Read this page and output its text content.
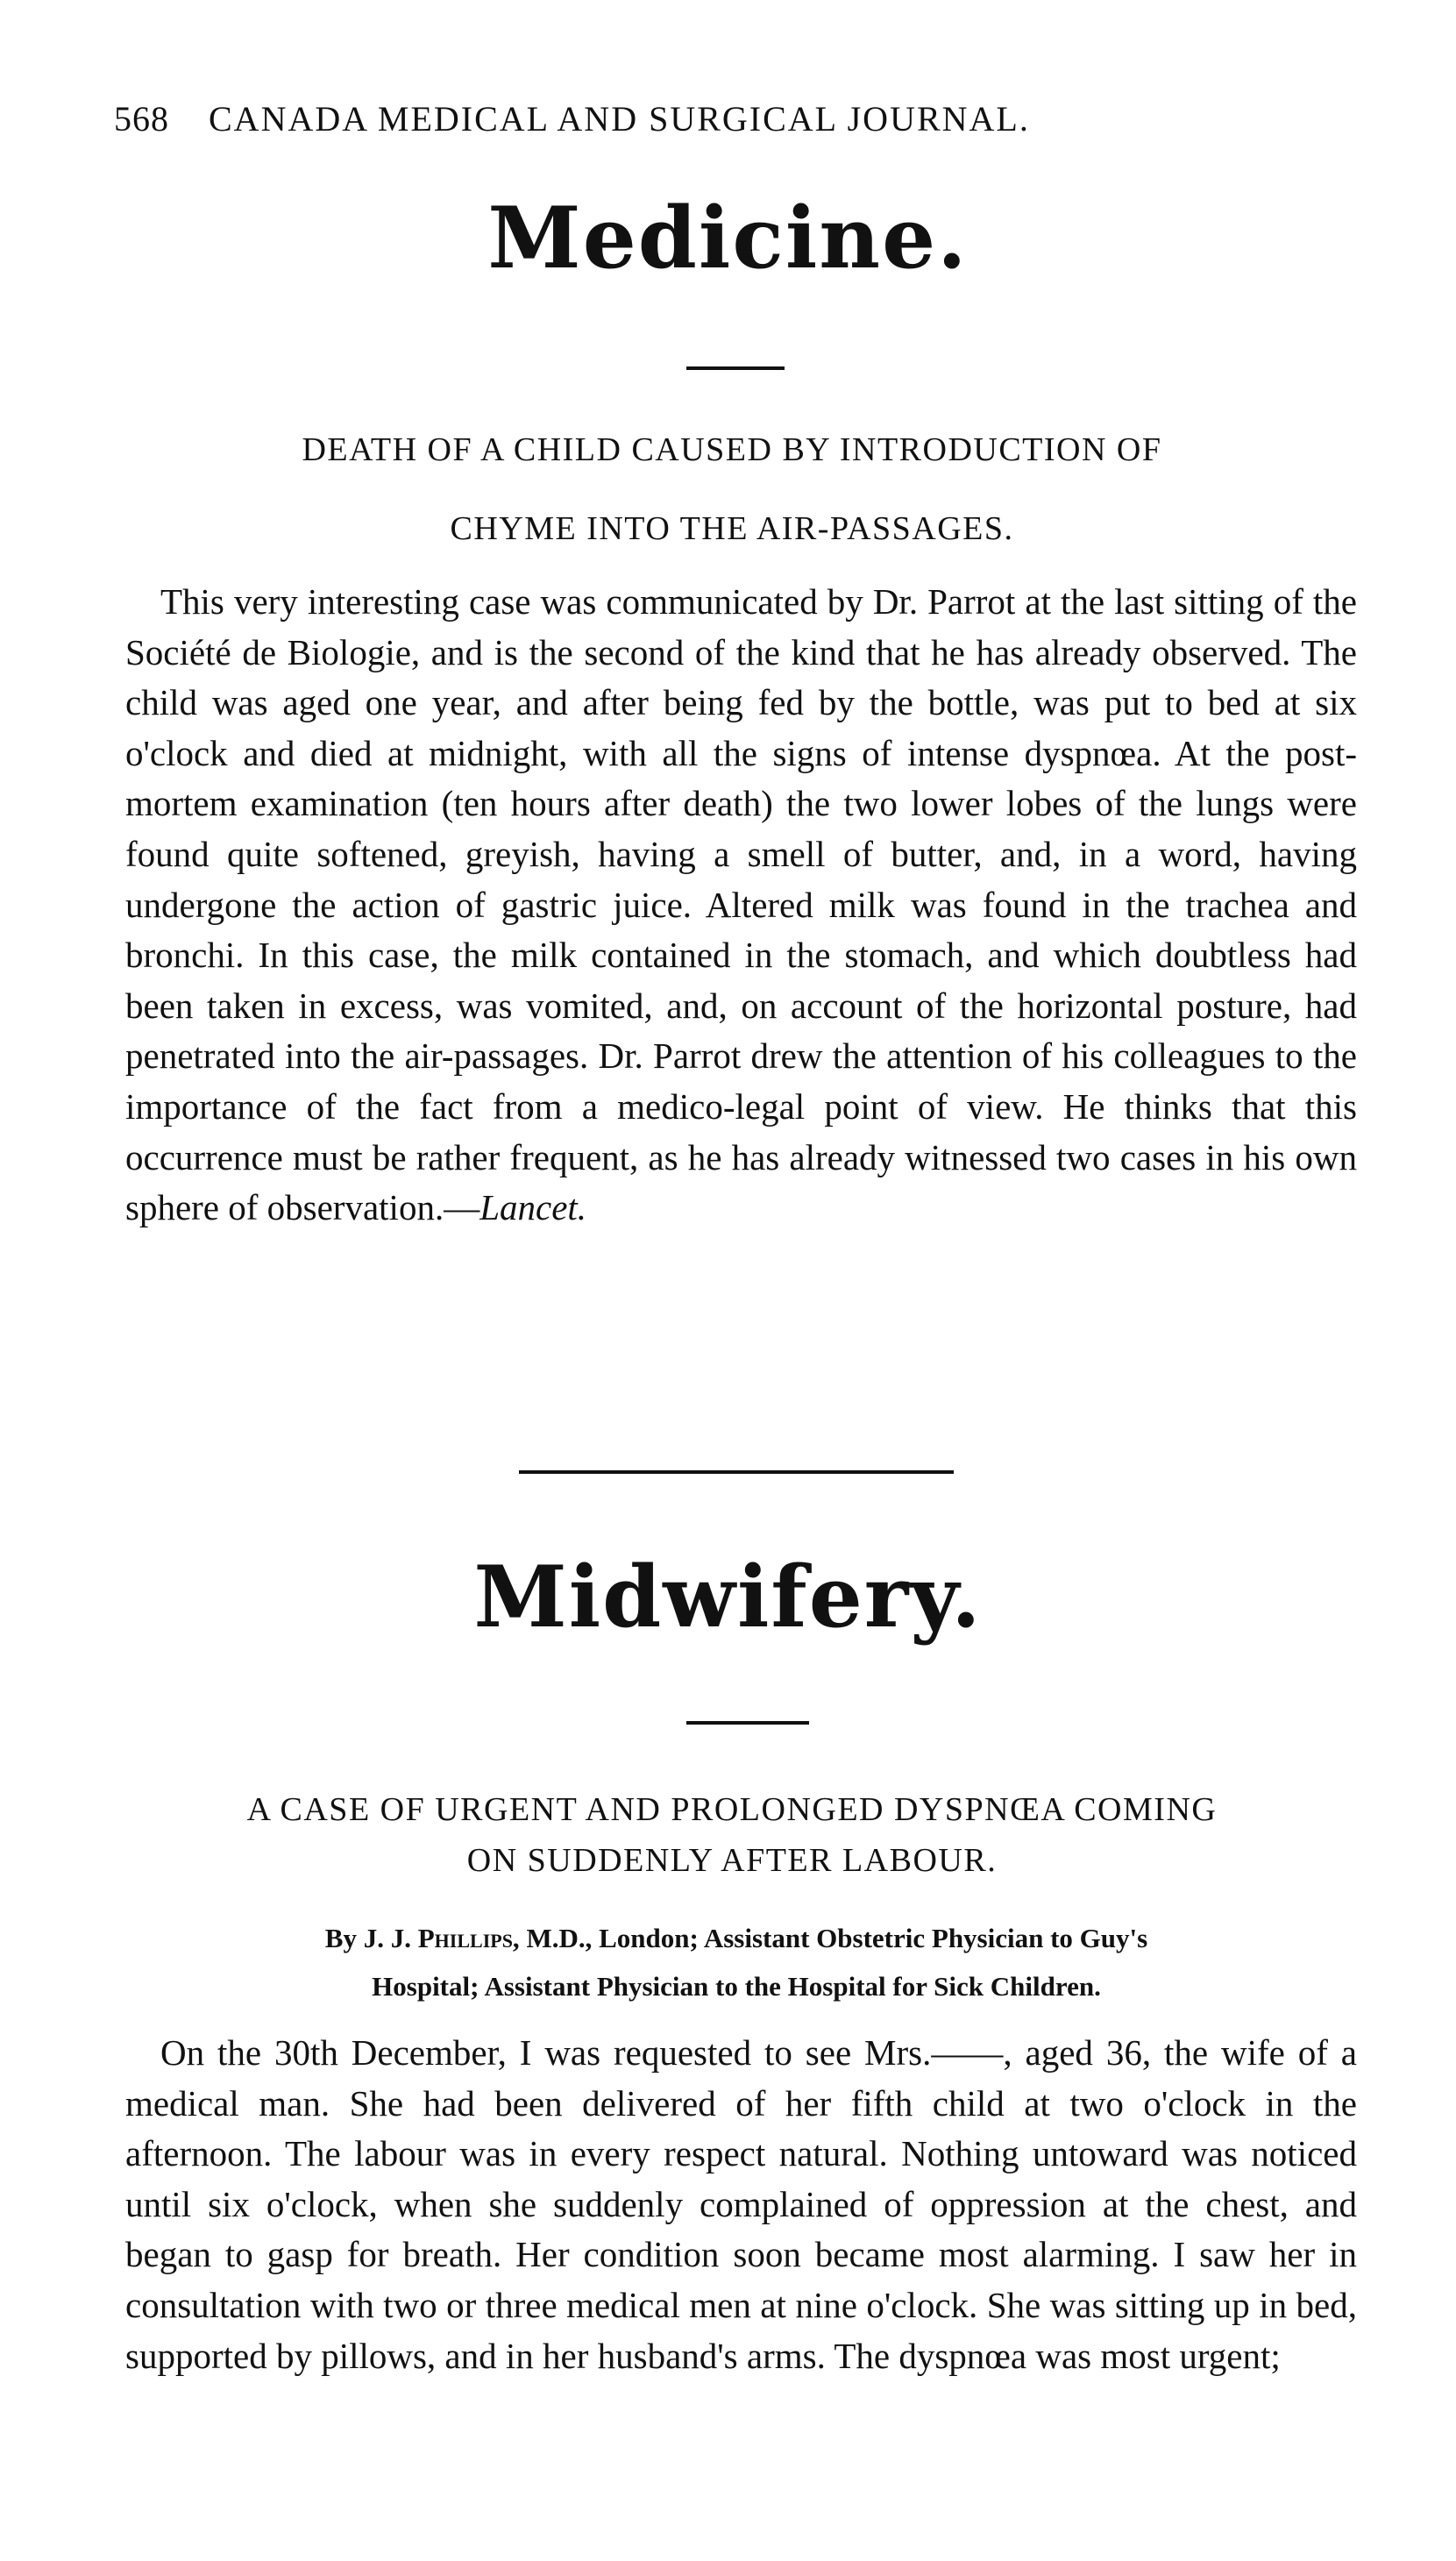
568 CANADA MEDICAL AND SURGICAL JOURNAL.
Medicine.
DEATH OF A CHILD CAUSED BY INTRODUCTION OF
CHYME INTO THE AIR-PASSAGES.

This very interesting case was communicated by Dr. Parrot at the last sitting of the Société de Biologie, and is the second of the kind that he has already observed. The child was aged one year, and after being fed by the bottle, was put to bed at six o'clock and died at midnight, with all the signs of intense dyspnœa. At the post-mortem examination (ten hours after death) the two lower lobes of the lungs were found quite softened, greyish, having a smell of butter, and, in a word, having undergone the action of gastric juice. Altered milk was found in the trachea and bronchi. In this case, the milk contained in the stomach, and which doubtless had been taken in excess, was vomited, and, on account of the horizontal posture, had penetrated into the air-passages. Dr. Parrot drew the attention of his colleagues to the importance of the fact from a medico-legal point of view. He thinks that this occurrence must be rather frequent, as he has already witnessed two cases in his own sphere of observation.—Lancet.

Midwifery.
A CASE OF URGENT AND PROLONGED DYSPNŒA COMING
ON SUDDENLY AFTER LABOUR.
By J. J. Phillips, M.D., London; Assistant Obstetric Physician to Guy's
Hospital; Assistant Physician to the Hospital for Sick Children.

On the 30th December, I was requested to see Mrs.——, aged 36, the wife of a medical man. She had been delivered of her fifth child at two o'clock in the afternoon. The labour was in every respect natural. Nothing untoward was noticed until six o'clock, when she suddenly complained of oppression at the chest, and began to gasp for breath. Her condition soon became most alarming. I saw her in consultation with two or three medical men at nine o'clock. She was sitting up in bed, supported by pillows, and in her husband's arms. The dyspnœa was most urgent;
